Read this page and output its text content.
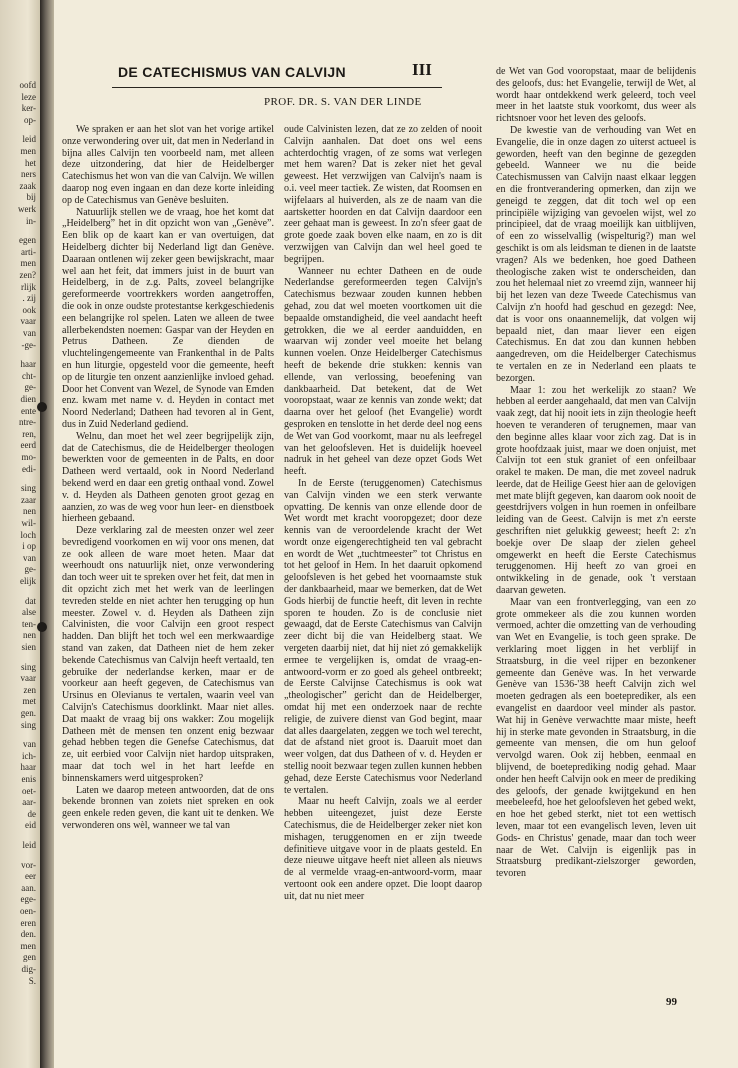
oofd
leze
ker-
op-
leid
men
het
ners
zaak
bij
werk
in-
egen
arti-
men
zen?
rlijk
. zij
ook
vaar
van
-ge-
haar
cht-
ge-
dien
ente
ntre-
ren,
eerd
mo-
edi-
sing
zaar
nen
wil-
loch
i op
van
ge-
elijk
dat
alse
ten-
nen
sien
sing
vaar
zen
met
gen.
sing
van
ich-
haar
enis
oet-
aar-
de
eid
leid
vor-
eer
aan.
ege-
oen-
eren
den.
men
gen
dig-
S.
DE CATECHISMUS VAN CALVIJN	III
PROF. DR. S. VAN DER LINDE

We spraken er aan het slot van het vorige artikel onze verwondering over uit, dat men in Nederland in bijna alles Calvijn ten voorbeeld nam, met alleen deze uitzondering, dat hier de Heidelberger Catechismus het won van die van Calvijn. We willen daarop nog even ingaan en dan deze korte inleiding op de Catechismus van Genève besluiten.

Natuurlijk stellen we de vraag, hoe het komt dat „Heidelberg” het in dit opzicht won van „Genève”. Een blik op de kaart kan er van overtuigen, dat Heidelberg dichter bij Nederland ligt dan Genève. Daaraan ontlenen wij zeker geen bewijskracht, maar wel aan het feit, dat immers juist in de buurt van Heidelberg, in de z.g. Palts, zoveel belangrijke gereformeerde voortrekkers worden aangetroffen, die ook in onze oudste protestantse kerkgeschiedenis een belangrijke rol spelen. Laten we alleen de twee allerbekendsten noemen: Gaspar van der Heyden en Petrus Datheen. Ze dienden de vluchtelingengemeente van Frankenthal in de Palts en hun liturgie, opgesteld voor die gemeente, heeft op de liturgie ten onzent aanzienlijke invloed gehad. Door het Convent van Wezel, de Synode van Emden enz. kwam met name v. d. Heyden in contact met Noord Nederland; Datheen had tevoren al in Gent, dus in Zuid Nederland gediend.

Welnu, dan moet het wel zeer begrijpelijk zijn, dat de Catechismus, die de Heidelberger theologen bewerkten voor de gemeenten in de Palts, en door Datheen werd vertaald, ook in Noord Nederland bekend werd en daar een gretig onthaal vond. Zowel v. d. Heyden als Datheen genoten groot gezag en aanzien, zo was de weg voor hun leer- en dienstboek hierheen gebaand.

Deze verklaring zal de meesten onzer wel zeer bevredigend voorkomen en wij voor ons menen, dat ze ook alleen de ware moet heten. Maar dat weerhoudt ons natuurlijk niet, onze verwondering dan toch weer uit te spreken over het feit, dat men in dit opzicht zich met het werk van de leerlingen tevreden stelde en niet achter hen terugging op hun meester. Zowel v. d. Heyden als Datheen zijn Calvinisten, die voor Calvijn een groot respect hadden. Dan blijft het toch wel een merkwaardige stand van zaken, dat Datheen niet de hem zeker bekende Catechismus van Calvijn heeft vertaald, ten gebruike der nederlandse kerken, maar er de voorkeur aan heeft gegeven, de Catechismus van Ursinus en Olevianus te vertalen, waarin veel van Calvijn's Catechismus doorklinkt. Maar niet alles. Dat maakt de vraag bij ons wakker: Zou mogelijk Datheen mèt de mensen ten onzent enig bezwaar gehad hebben tegen die Genefse Catechismus, dat ze, uit eerbied voor Calvijn niet hardop uitspraken, maar dat toch wel in het hart leefde en binnenskamers werd uitgesproken?

Laten we daarop meteen antwoorden, dat de ons bekende bronnen van zoiets niet spreken en ook geen enkele reden geven, die kant uit te denken. We verwonderen ons wèl, wanneer we tal van

oude Calvinisten lezen, dat ze zo zelden of nooit Calvijn aanhalen. Dat doet ons wel eens achterdochtig vragen, of ze soms wat verlegen met hem waren? Dat is zeker niet het geval geweest. Het verzwijgen van Calvijn's naam is o.i. veel meer tactiek. Ze wisten, dat Roomsen en wijfelaars al huiverden, als ze de naam van die aartsketter hoorden en dat Calvijn daardoor een zeer gehaat man is geweest. In zo'n sfeer gaat de grote goede zaak boven elke naam, en zo is dit verzwijgen van Calvijn dan wel heel goed te begrijpen.

Wanneer nu echter Datheen en de oude Nederlandse gereformeerden tegen Calvijn's Catechismus bezwaar zouden kunnen hebben gehad, zou dat wel moeten voortkomen uit die bepaalde omstandigheid, die veel aandacht heeft getrokken, die we al eerder aanduidden, en waarvan wij zonder veel moeite het belang kunnen voelen. Onze Heidelberger Catechismus heeft de bekende drie stukken: kennis van ellende, van verlossing, beoefening van dankbaarheid. Dat betekent, dat de Wet vooropstaat, waar ze kennis van zonde wekt; dat daarna over het geloof (het Evangelie) wordt gesproken en tenslotte in het derde deel nog eens de Wet van God voorkomt, maar nu als leefregel van het geloofsleven. Het is duidelijk hoeveel nadruk in het geheel van deze opzet Gods Wet heeft.

In de Eerste (teruggenomen) Catechismus van Calvijn vinden we een sterk verwante opvatting. De kennis van onze ellende door de Wet wordt met kracht vooropgezet; door deze kennis van de veroordelende kracht der Wet wordt onze eigengerechtigheid ten val gebracht en wordt de Wet „tuchtmeester” tot Christus en tot het geloof in Hem. In het daaruit opkomend geloofsleven is het gebed het voornaamste stuk der dankbaarheid, maar we bemerken, dat de Wet Gods hierbij de functie heeft, dit leven in rechte sporen te houden. Zo is de conclusie niet gewaagd, dat de Eerste Catechismus van Calvijn zeer dicht bij die van Heidelberg staat. We vergeten daarbij niet, dat hij niet zó gemakkelijk ermee te vergelijken is, omdat de vraag-en-antwoord-vorm er zo goed als geheel ontbreekt; de Eerste Calvijnse Catechismus is ook wat „theologischer” gericht dan de Heidelberger, omdat hij met een onderzoek naar de rechte religie, de zuivere dienst van God begint, maar dat alles daargelaten, zeggen we toch wel terecht, dat de afstand niet groot is. Daaruit moet dan weer volgen, dat dus Datheen of v. d. Heyden er stellig nooit bezwaar tegen zullen kunnen hebben gehad, deze Eerste Catechismus voor Nederland te vertalen.

Maar nu heeft Calvijn, zoals we al eerder hebben uiteengezet, juist deze Eerste Catechismus, die de Heidelberger zeker niet kon mishagen, teruggenomen en er zijn tweede definitieve uitgave voor in de plaats gesteld. En deze nieuwe uitgave heeft niet alleen als nieuws de al vermelde vraag-en-antwoord-vorm, maar vertoont ook een andere opzet. Die loopt daarop uit, dat nu niet meer

de Wet van God vooropstaat, maar de belijdenis des geloofs, dus: het Evangelie, terwijl de Wet, al wordt haar ontdekkend werk geleerd, toch veel meer in het laatste stuk voorkomt, dus weer als richtsnoer voor het leven des geloofs.

De kwestie van de verhouding van Wet en Evangelie, die in onze dagen zo uiterst actueel is geworden, heeft van den beginne de gezegden gebeeld. Wanneer we nu die beide Catechismussen van Calvijn naast elkaar leggen en die frontverandering opmerken, dan zijn we geneigd te zeggen, dat dit toch wel op een principiële wijziging van gevoelen wijst, wel zo principieel, dat de vraag moeilijk kan uitblijven, of een zo wisselvallig (wispelturig?) man wel geschikt is om als leidsman te dienen in de laatste vragen? Als we bedenken, hoe goed Datheen theologische zaken wist te onderscheiden, dan zou het helemaal niet zo vreemd zijn, wanneer hij bij het lezen van deze Tweede Catechismus van Calvijn z'n hoofd had geschud en gezegd: Nee, dat is voor ons onaannemelijk, dat volgen wij bepaald niet, dan maar liever een eigen Catechismus. En dat zou dan kunnen hebben aangedreven, om die Heidelberger Catechismus te vertalen en ze in Nederland een plaats te bezorgen.

Maar 1: zou het werkelijk zo staan? We hebben al eerder aangehaald, dat men van Calvijn vaak zegt, dat hij nooit iets in zijn theologie heeft hoeven te veranderen of terugnemen, maar van den beginne alles klaar voor zich zag. Dat is in grote hoofdzaak juist, maar we doen onjuist, met Calvijn tot een stuk graniet of een onfeilbaar orakel te maken. De man, die met zoveel nadruk leerde, dat de Heilige Geest hier aan de gelovigen met mate blijft gegeven, kan daarom ook nooit de geestdrijvers volgen in hun roemen in onfeilbare leiding van de Geest. Calvijn is met z'n eerste geschriften niet gelukkig geweest; heeft 2: z'n boekje over De slaap der zielen geheel omgewerkt en heeft die Eerste Catechismus teruggenomen. Hij heeft zo van groei en ontwikkeling in de genade, ook 't verstaan daarvan geweten.

Maar van een frontverlegging, van een zo grote ommekeer als die zou kunnen worden vermoed, achter die omzetting van de verhouding van Wet en Evangelie, is toch geen sprake. De verklaring moet liggen in het verblijf in Straatsburg, in die veel rijper en bezonkener gemeente dan Genève was. In het verwarde Genève van 1536-'38 heeft Calvijn zich wel moeten gedragen als een boeteprediker, als een evangelist en daardoor veel minder als pastor. Wat hij in Genève verwachtte maar miste, heeft hij in sterke mate gevonden in Straatsburg, in die gemeente van mensen, die om hun geloof vervolgd waren. Ook zij hebben, eenmaal en blijvend, de boeteprediking nodig gehad. Maar onder hen heeft Calvijn ook en meer de prediking des geloofs, der genade kwijtgekund en hen meebeleefd, hoe het geloofsleven het gebed wekt, en hoe het gebed sterkt, niet tot een wettisch leven, maar tot een evangelisch leven, leven uit Gods- en Christus' genade, maar dan toch weer naar de Wet. Calvijn is eigenlijk pas in Straatsburg predikant-zielszorger geworden, tevoren

99
